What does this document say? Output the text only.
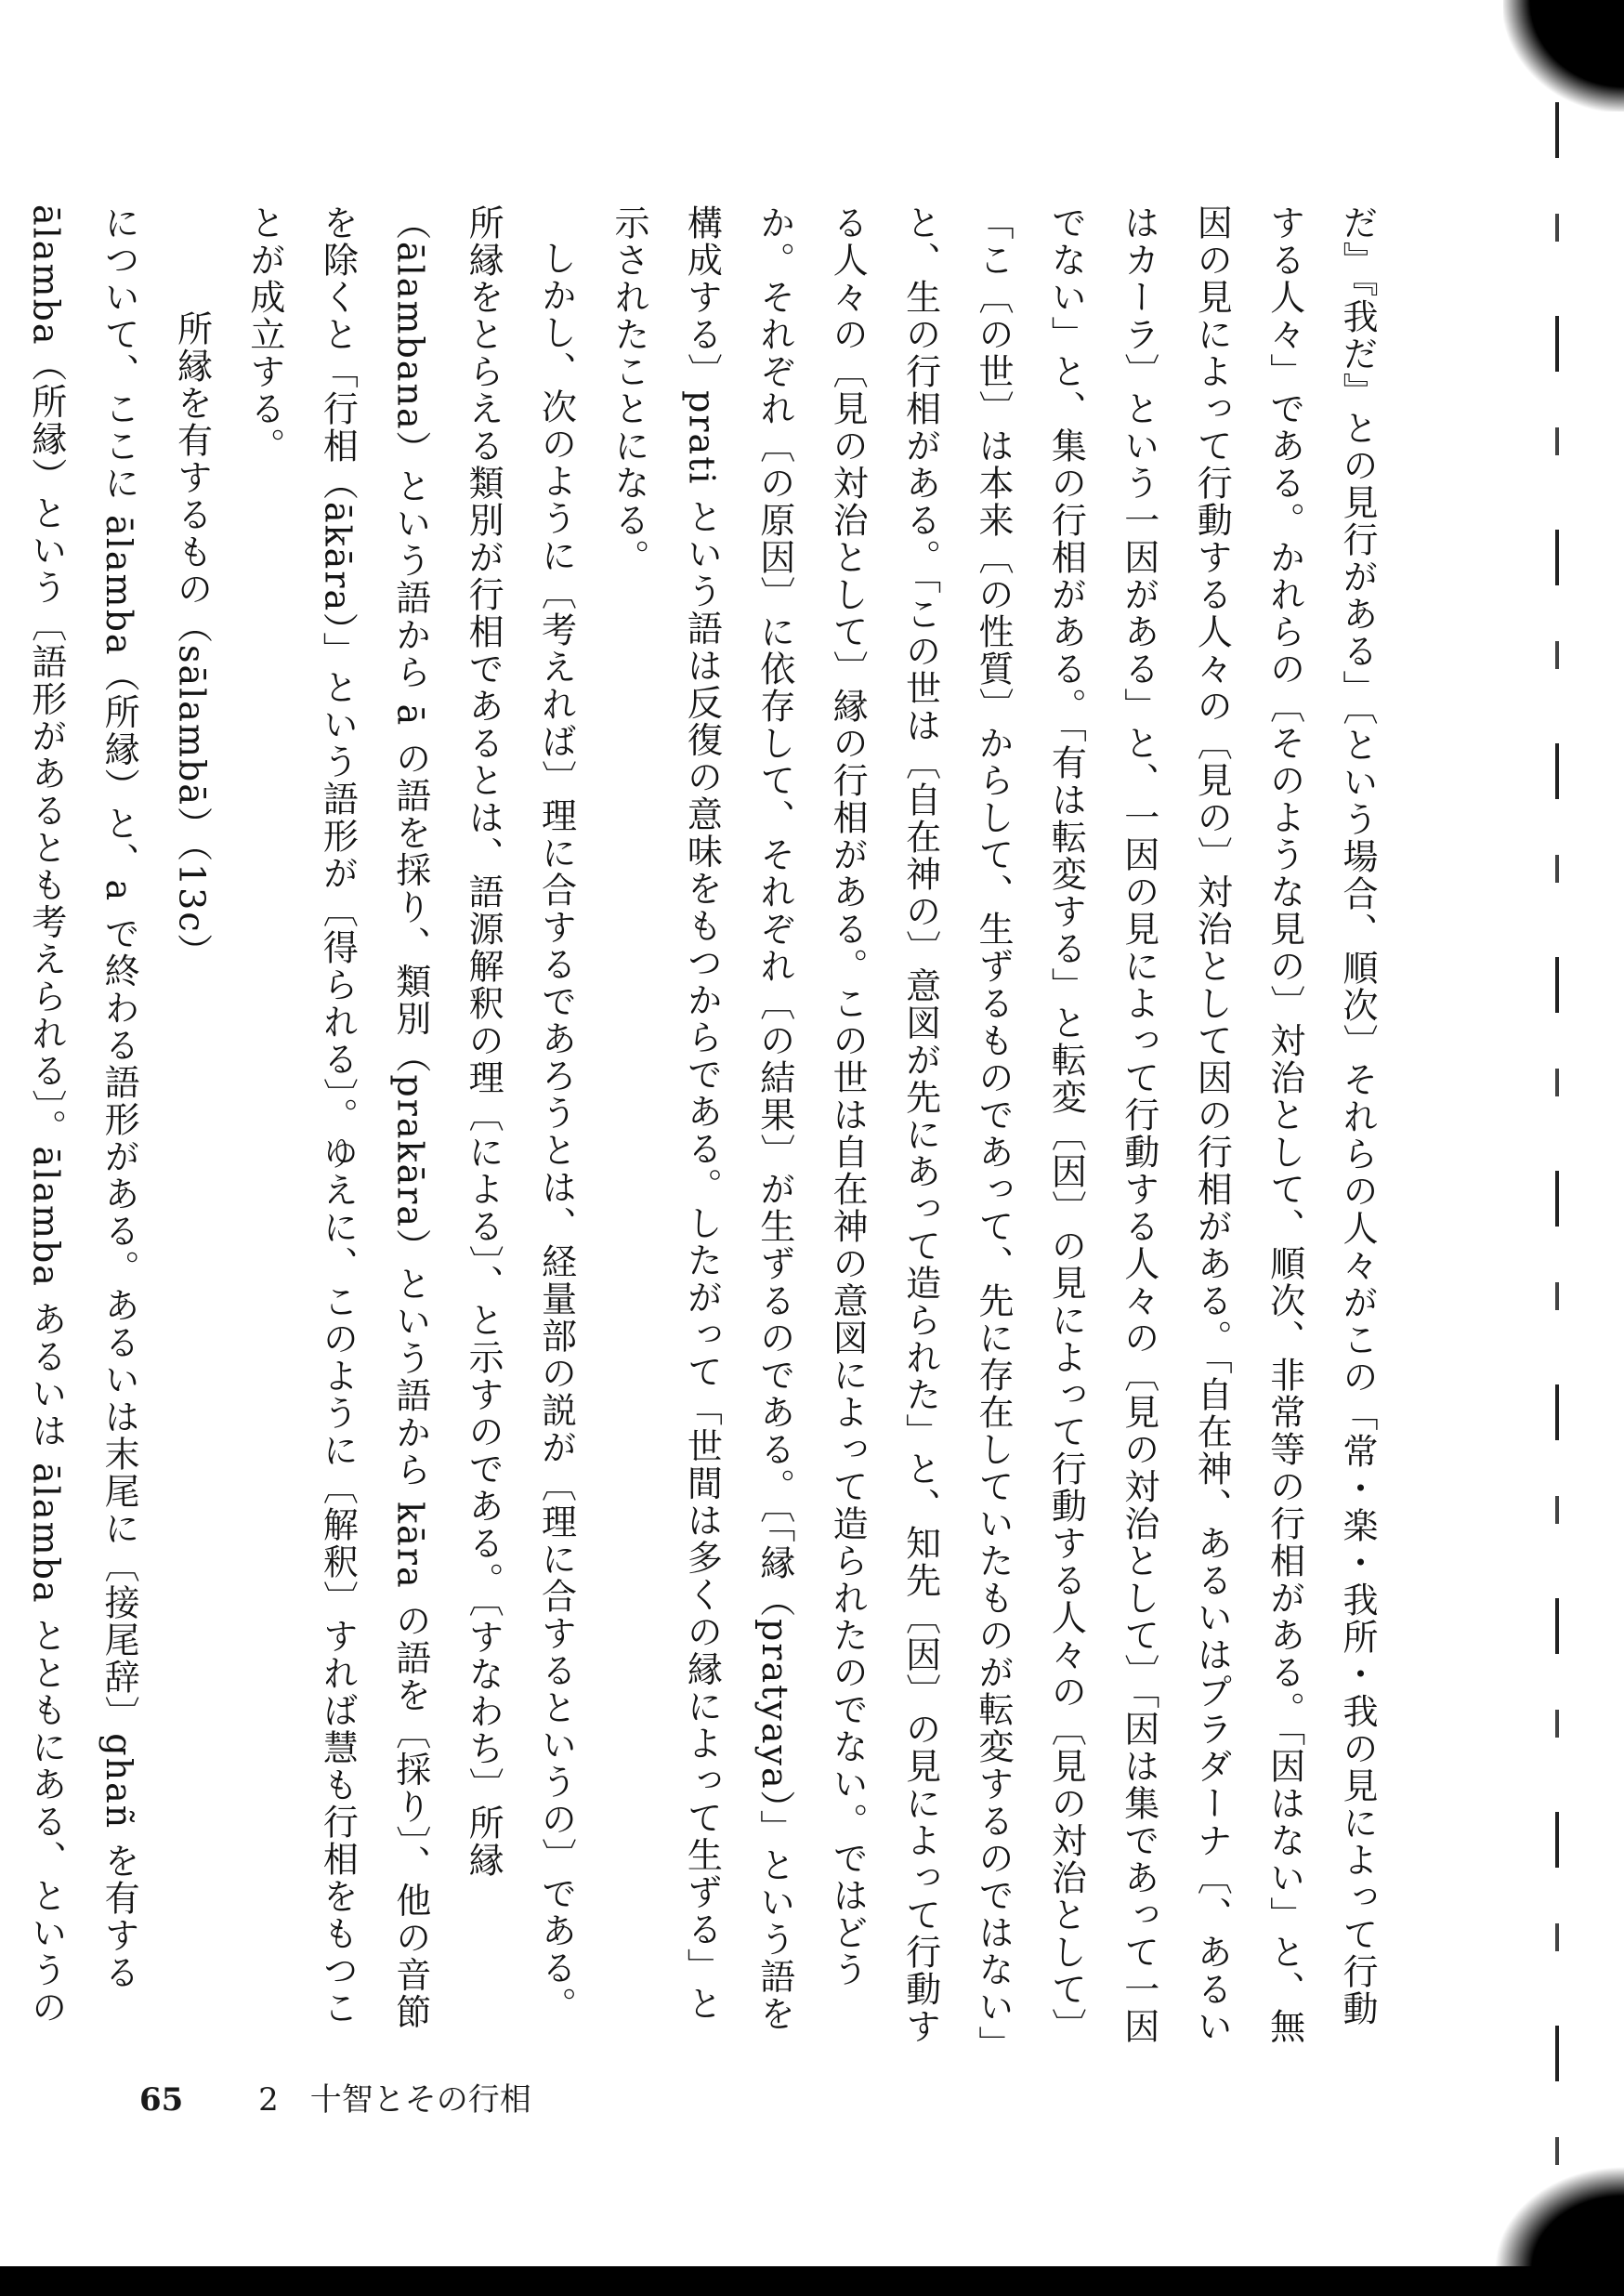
だ』『我だ』との見行がある」〔という場合、順次〕それらの人々がこの「常・楽・我所・我の見によって行動する人々」である。かれらの〔そのような見の〕対治として、順次、非常等の行相がある。「因はない」と、無因の見によって行動する人々の〔見の〕対治として因の行相がある。「自在神、あるいはプラダーナ〔、あるいはカーラ〕という一因がある」と、一因の見によって行動する人々の〔見の対治として〕「因は集であって一因でない」と、集の行相がある。「有は転変する」と転変〔因〕の見によって行動する人々の〔見の対治として〕「こ〔の世〕は本来〔の性質〕からして、生ずるものであって、先に存在していたものが転変するのではない」と、生の行相がある。「この世は〔自在神の〕意図が先にあって造られた」と、知先〔因〕の見によって行動する人々の〔見の対治として〕縁の行相がある。この世は自在神の意図によって造られたのでない。ではどうか。それぞれ〔の原因〕に依存して、それぞれ〔の結果〕が生ずるのである。〔「縁（pratyaya）」という語を構成する〕prati という語は反復の意味をもつからである。したがって「世間は多くの縁によって生ずる」と示されたことになる。

しかし、次のように〔考えれば〕理に合するであろうとは、経量部の説が〔理に合するというの〕である。所縁をとらえる類別が行相であるとは、語源解釈の理〔による〕、と示すのである。〔すなわち〕所縁（ālambana）という語から ā の語を採り、類別（prakāra）という語から kāra の語を〔採り〕、他の音節を除くと「行相（ākāra）」という語形が〔得られる〕。ゆえに、このように〔解釈〕すれば慧も行相をもつことが成立する。

所縁を有するもの（sālambā）（13c）

について、ここに ālamba（所縁）と、a で終わる語形がある。あるいは末尾に〔接尾辞〕ghañ を有する ālamba（所縁）という〔語形があるとも考えられる〕。ālamba あるいは ālamba とともにある、というの

65 2　十智とその行相
